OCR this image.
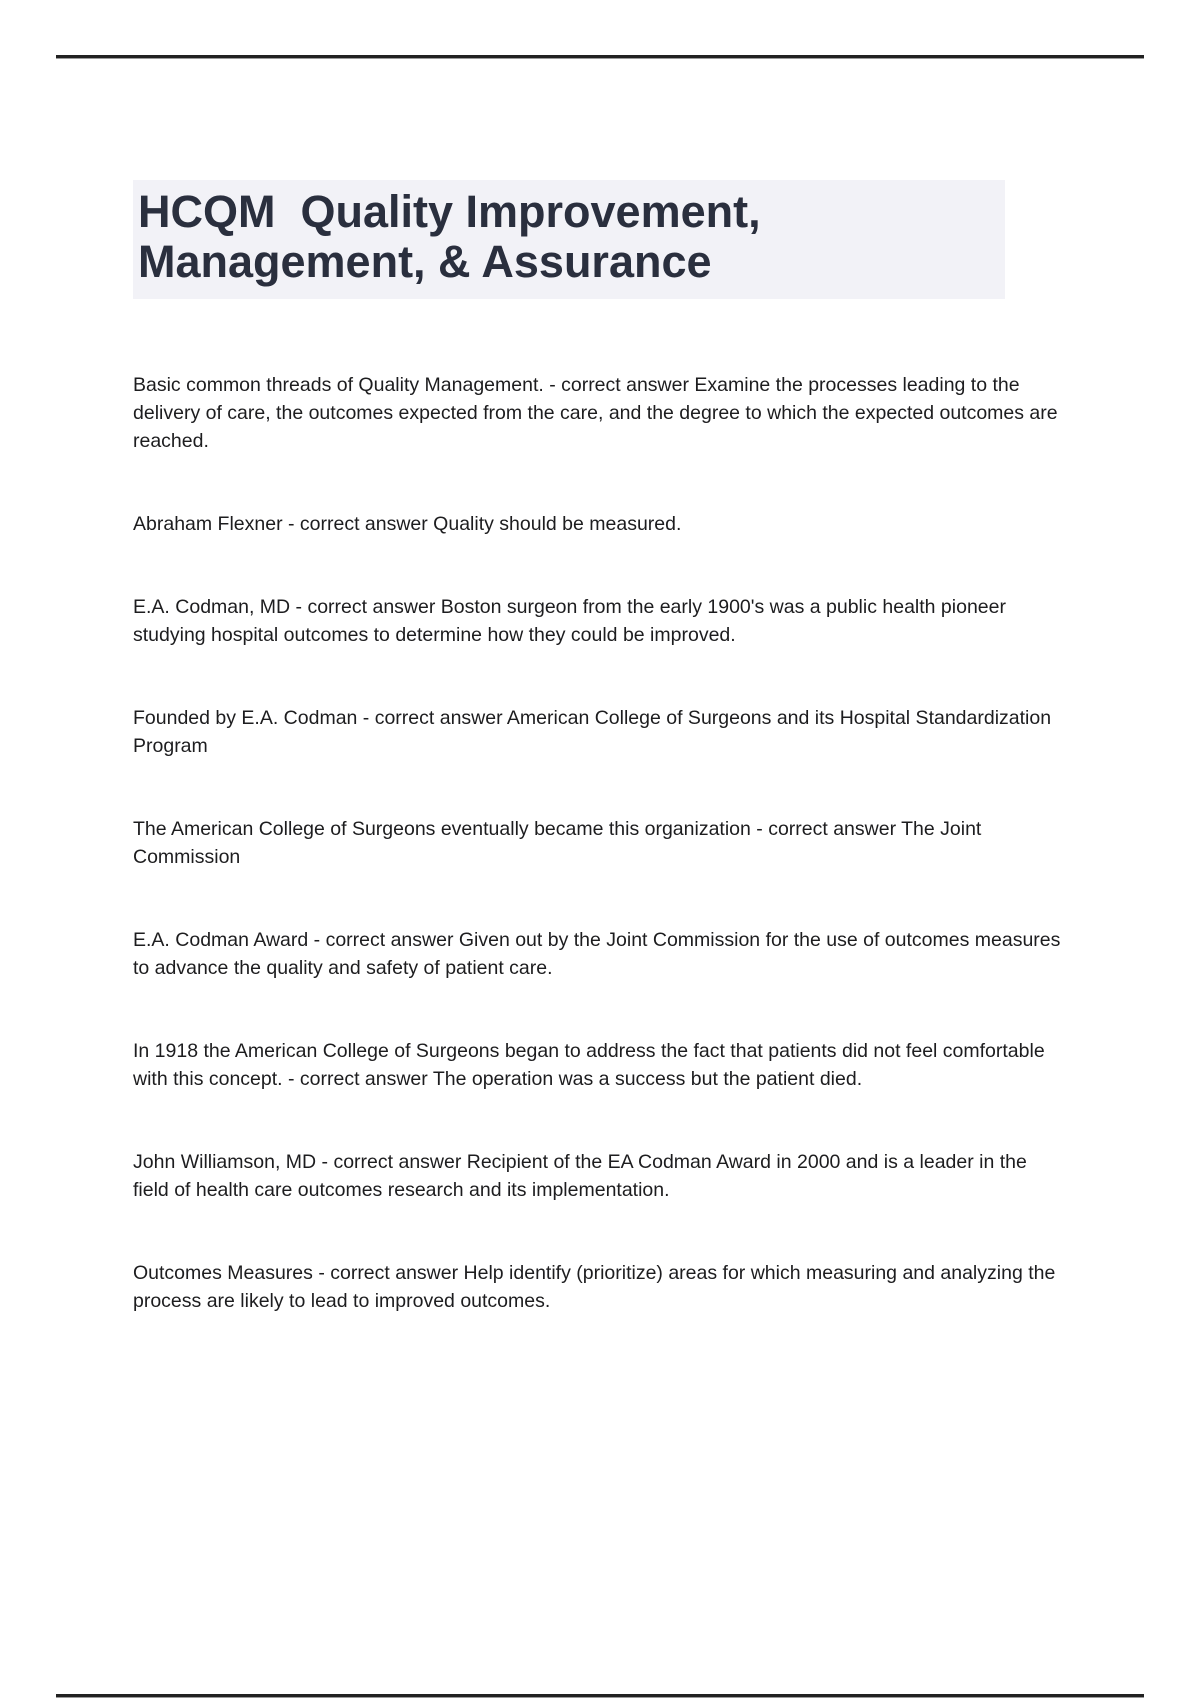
HCQM  Quality Improvement, Management, & Assurance

Basic common threads of Quality Management. - correct answer Examine the processes leading to the delivery of care, the outcomes expected from the care, and the degree to which the expected outcomes are reached.

Abraham Flexner - correct answer Quality should be measured.

E.A. Codman, MD - correct answer Boston surgeon from the early 1900's was a public health pioneer studying hospital outcomes to determine how they could be improved.

Founded by E.A. Codman - correct answer American College of Surgeons and its Hospital Standardization Program

The American College of Surgeons eventually became this organization - correct answer The Joint Commission

E.A. Codman Award - correct answer Given out by the Joint Commission for the use of outcomes measures to advance the quality and safety of patient care.

In 1918 the American College of Surgeons began to address the fact that patients did not feel comfortable with this concept. - correct answer The operation was a success but the patient died.

John Williamson, MD - correct answer Recipient of the EA Codman Award in 2000 and is a leader in the field of health care outcomes research and its implementation.

Outcomes Measures - correct answer Help identify (prioritize) areas for which measuring and analyzing the process are likely to lead to improved outcomes.
